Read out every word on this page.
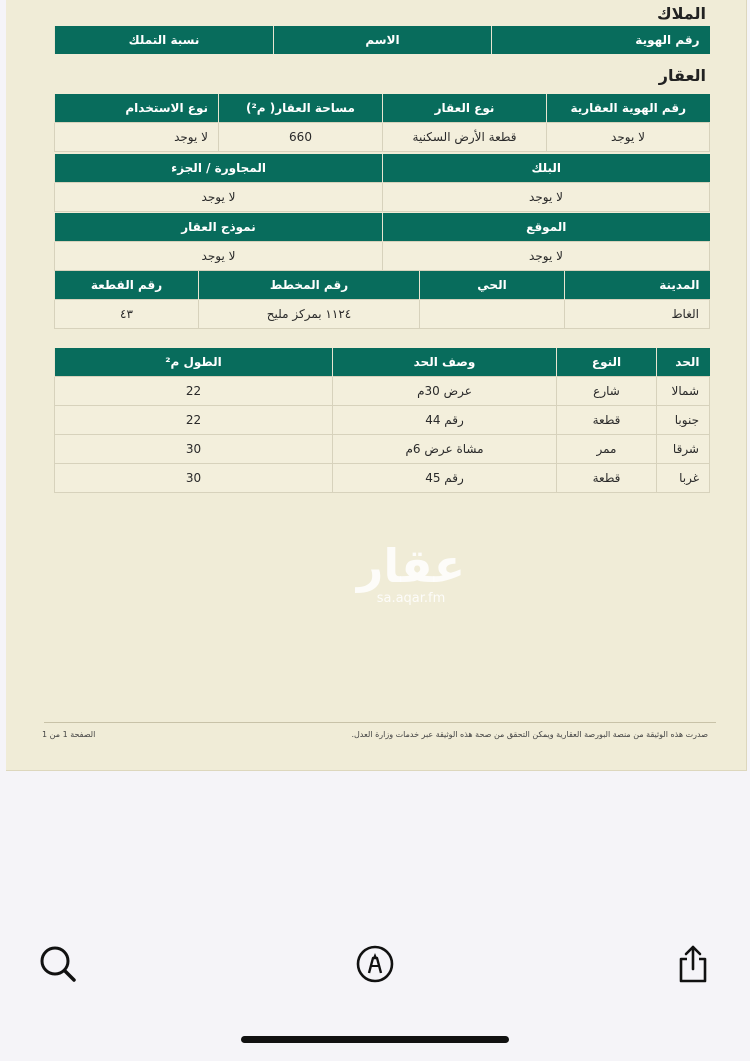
الملاك
رقم الهوية	الاسم	نسبة التملك
العقار
رقم الهوية العقارية	نوع العقار	مساحة العقار( م²)	نوع الاستخدام
لا يوجد	قطعة الأرض السكنية	660	لا يوجد
البلك	المجاورة / الجزء
لا يوجد	لا يوجد
الموقع	نموذج العقار
لا يوجد	لا يوجد
المدينة	الحي	رقم المخطط	رقم القطعة
الغاط		١١٢٤ بمركز مليح	٤٣
الحد	النوع	وصف الحد	الطول م²
شمالا	شارع	عرض 30م	22
جنوبا	قطعة	رقم 44	22
شرقا	ممر	مشاة عرض 6م	30
غربا	قطعة	رقم 45	30
عقار
sa.aqar.fm
صدرت هذه الوثيقة من منصة البورصة العقارية ويمكن التحقق من صحة هذه الوثيقة عبر خدمات وزارة العدل.
الصفحة 1 من 1
